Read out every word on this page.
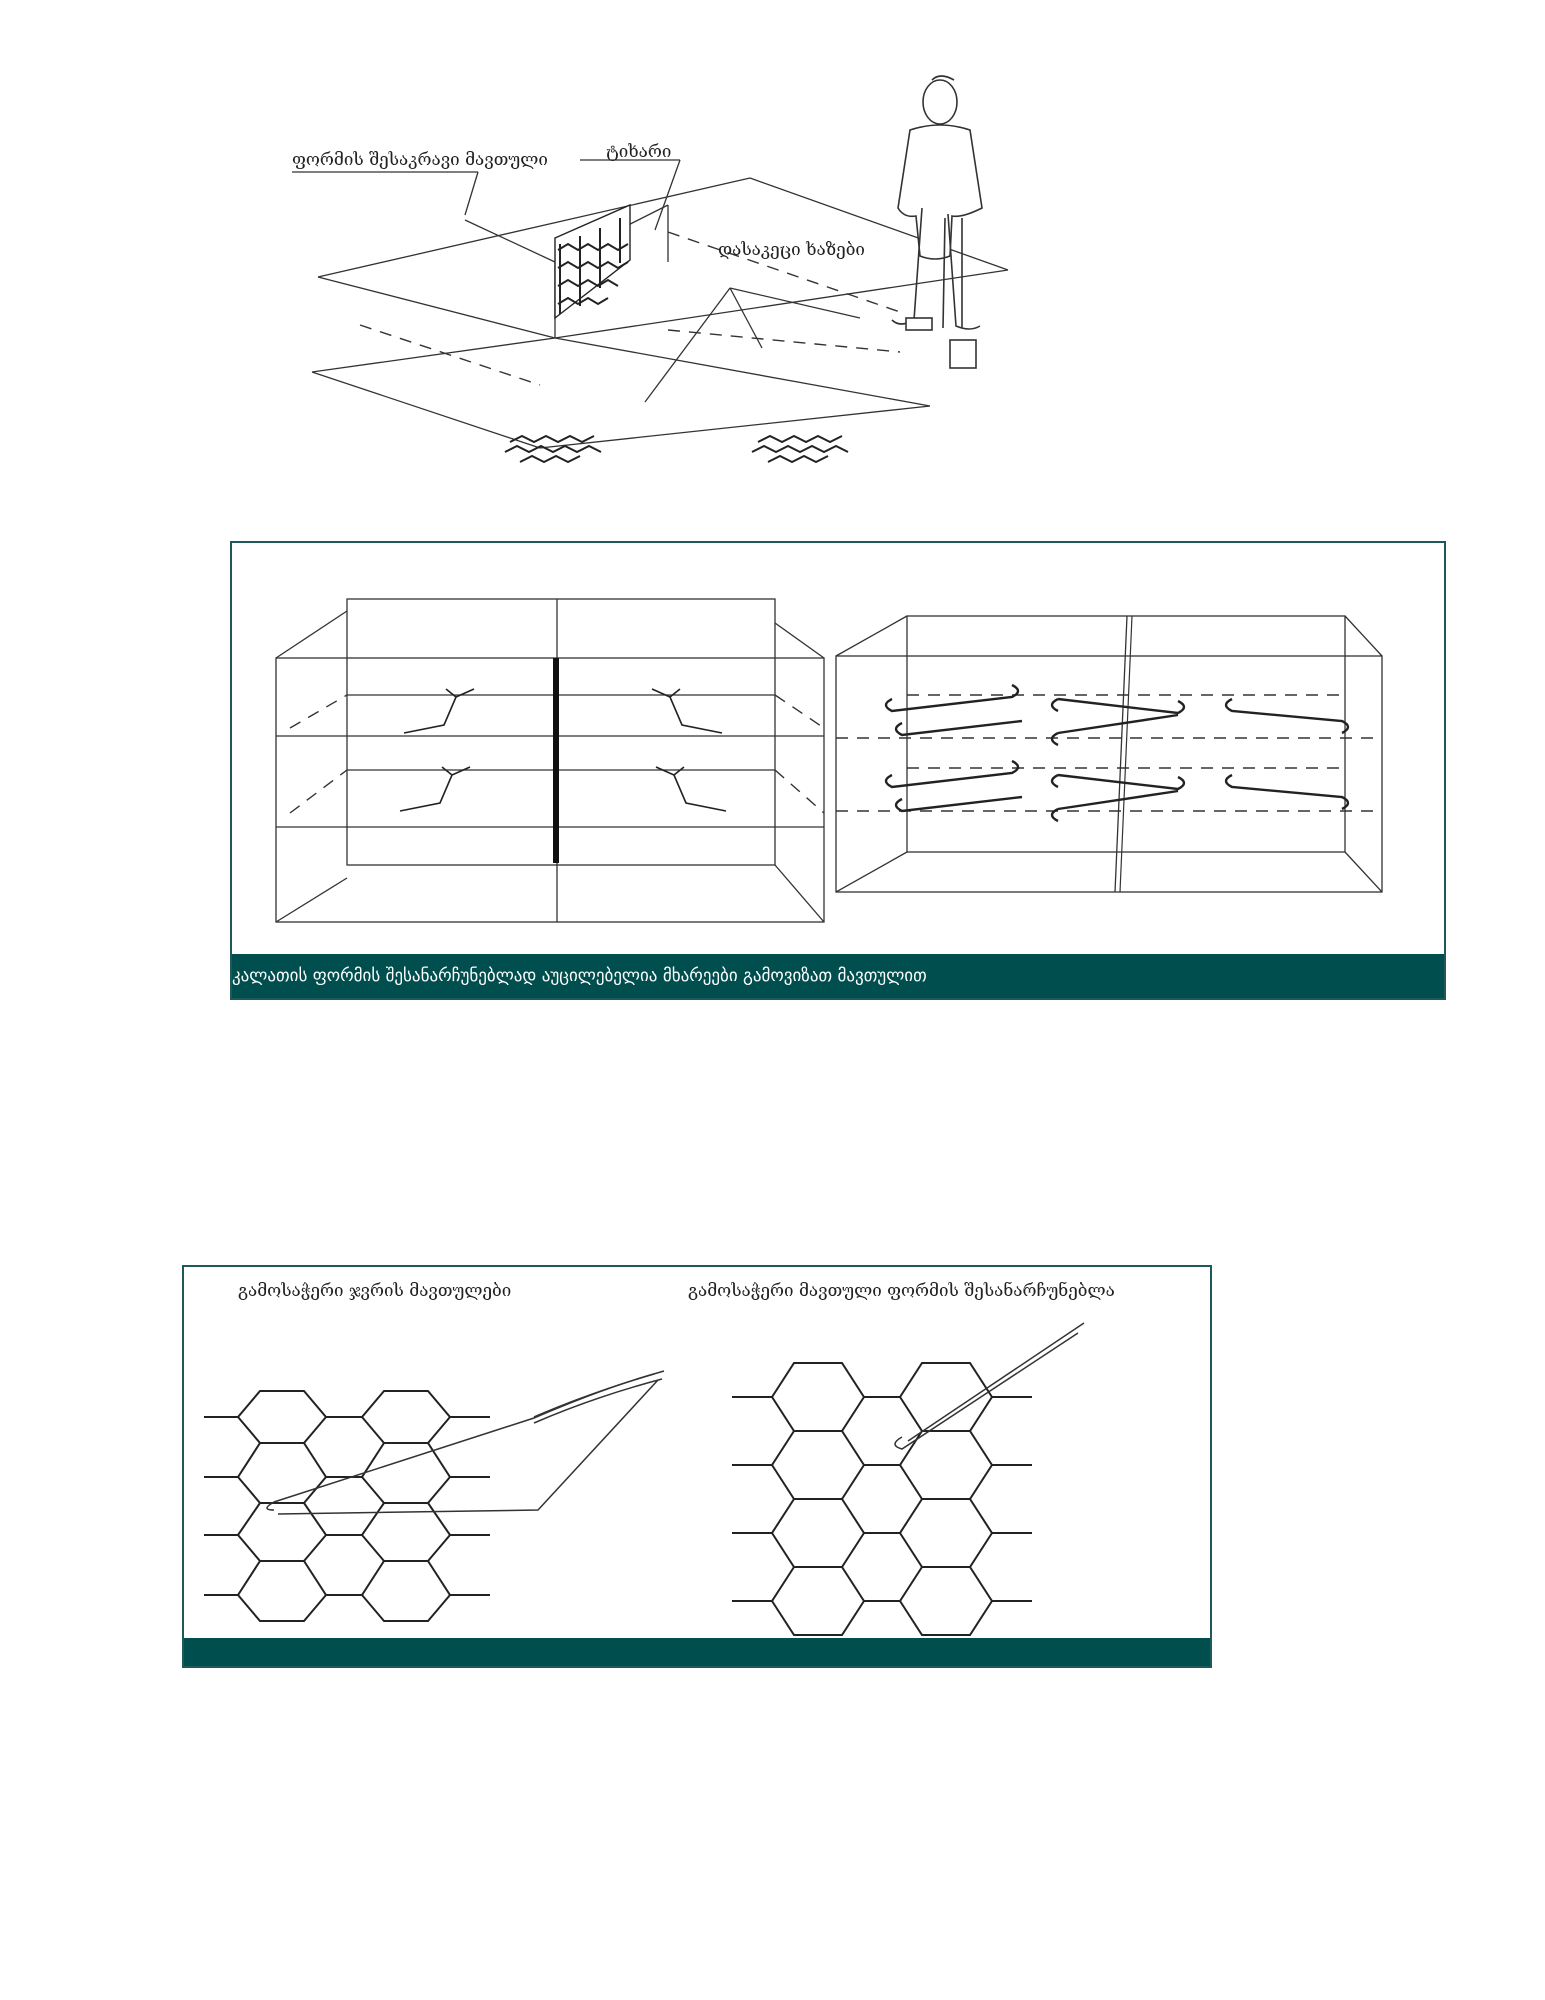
ფორმის შესაკრავი მავთული	ტიხარი
დასაკეცი ხაზები
კალათის ფორმის შესანარჩუნებლად აუცილებელია მხარეები გამოვიზათ მავთულით
გამოსაჭერი ჯვრის მავთულები	გამოსაჭერი მავთული ფორმის შესანარჩუნებლა
